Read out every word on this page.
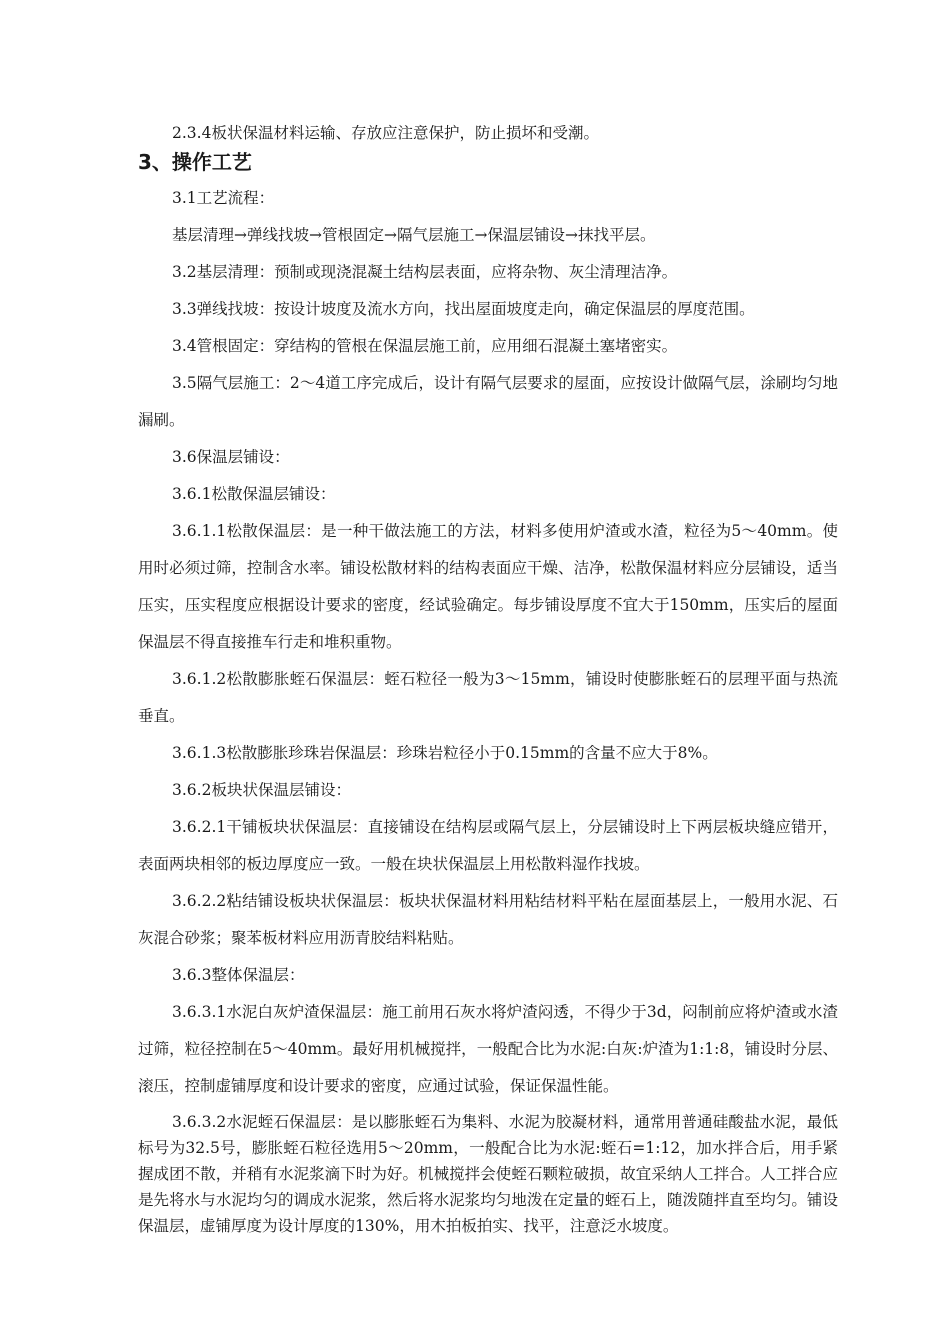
2.3.4板状保温材料运输、存放应注意保护，防止损坏和受潮。

3、操作工艺

3.1工艺流程：

基层清理→弹线找坡→管根固定→隔气层施工→保温层铺设→抹找平层。

3.2基层清理：预制或现浇混凝土结构层表面，应将杂物、灰尘清理洁净。

3.3弹线找坡：按设计坡度及流水方向，找出屋面坡度走向，确定保温层的厚度范围。

3.4管根固定：穿结构的管根在保温层施工前，应用细石混凝土塞堵密实。

3.5隔气层施工：2～4道工序完成后，设计有隔气层要求的屋面，应按设计做隔气层，涂刷均匀地漏刷。

3.6保温层铺设：

3.6.1松散保温层铺设：

3.6.1.1松散保温层：是一种干做法施工的方法，材料多使用炉渣或水渣，粒径为5～40mm。使用时必须过筛，控制含水率。铺设松散材料的结构表面应干燥、洁净，松散保温材料应分层铺设，适当压实，压实程度应根据设计要求的密度，经试验确定。每步铺设厚度不宜大于150mm，压实后的屋面保温层不得直接推车行走和堆积重物。

3.6.1.2松散膨胀蛭石保温层：蛭石粒径一般为3～15mm，铺设时使膨胀蛭石的层理平面与热流垂直。

3.6.1.3松散膨胀珍珠岩保温层：珍珠岩粒径小于0.15mm的含量不应大于8%。

3.6.2板块状保温层铺设：

3.6.2.1干铺板块状保温层：直接铺设在结构层或隔气层上，分层铺设时上下两层板块缝应错开，表面两块相邻的板边厚度应一致。一般在块状保温层上用松散料湿作找坡。

3.6.2.2粘结铺设板块状保温层：板块状保温材料用粘结材料平粘在屋面基层上，一般用水泥、石灰混合砂浆；聚苯板材料应用沥青胶结料粘贴。

3.6.3整体保温层：

3.6.3.1水泥白灰炉渣保温层：施工前用石灰水将炉渣闷透，不得少于3d，闷制前应将炉渣或水渣过筛，粒径控制在5～40mm。最好用机械搅拌，一般配合比为水泥:白灰:炉渣为1:1:8，铺设时分层、滚压，控制虚铺厚度和设计要求的密度，应通过试验，保证保温性能。

3.6.3.2水泥蛭石保温层：是以膨胀蛭石为集料、水泥为胶凝材料，通常用普通硅酸盐水泥，最低标号为32.5号，膨胀蛭石粒径选用5～20mm，一般配合比为水泥:蛭石=1:12，加水拌合后，用手紧握成团不散，并稍有水泥浆滴下时为好。机械搅拌会使蛭石颗粒破损，故宜采纳人工拌合。人工拌合应是先将水与水泥均匀的调成水泥浆，然后将水泥浆均匀地泼在定量的蛭石上，随泼随拌直至均匀。铺设保温层，虚铺厚度为设计厚度的130%，用木拍板拍实、找平，注意泛水坡度。
